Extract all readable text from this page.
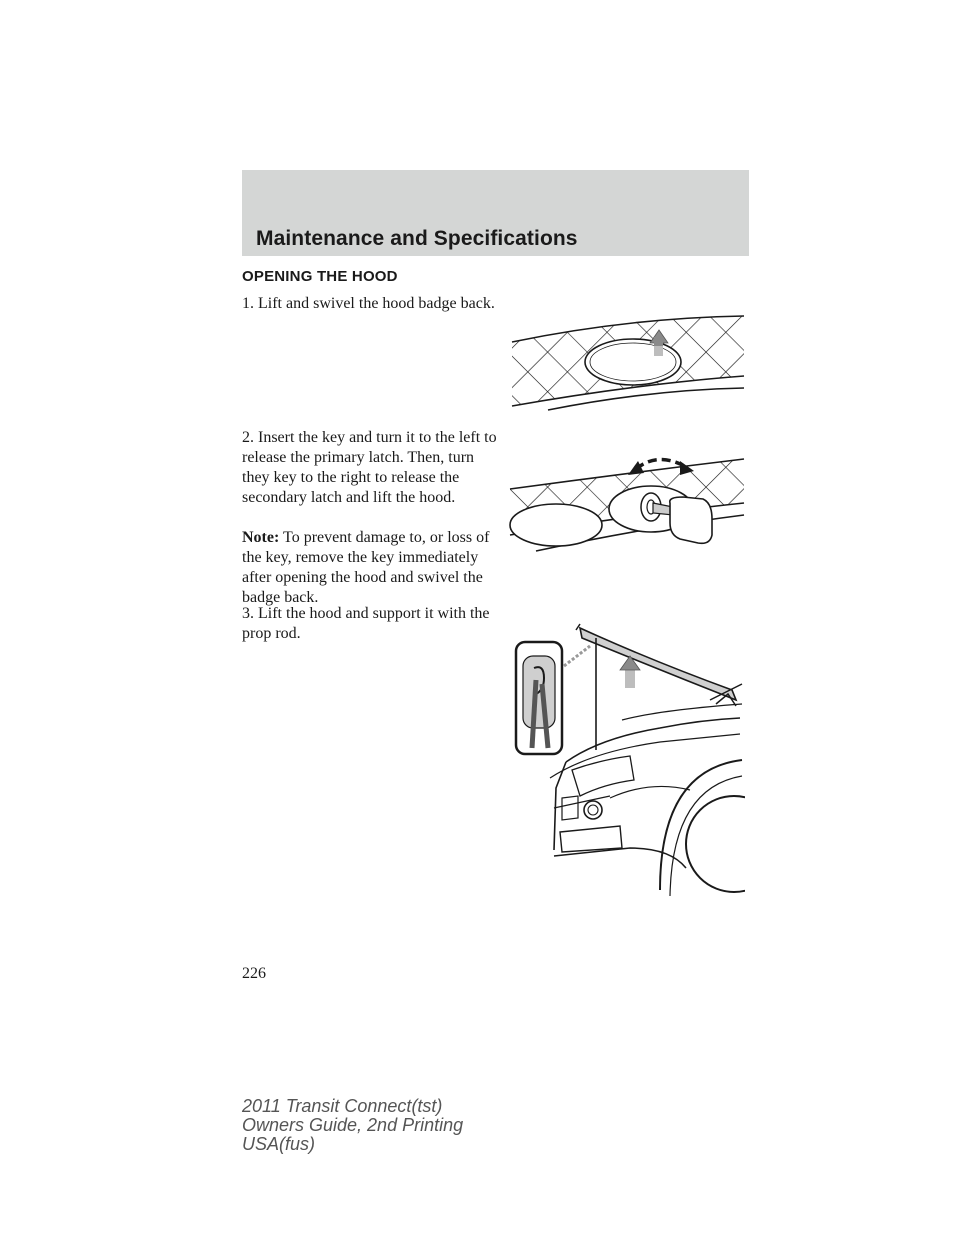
Maintenance and Specifications
OPENING THE HOOD
1. Lift and swivel the hood badge back.
2. Insert the key and turn it to the left to release the primary latch. Then, turn they key to the right to release the secondary latch and lift the hood.
Note: To prevent damage to, or loss of the key, remove the key immediately after opening the hood and swivel the badge back.
3. Lift the hood and support it with the prop rod.
226
2011 Transit Connect(tst)
Owners Guide, 2nd Printing
USA(fus)
